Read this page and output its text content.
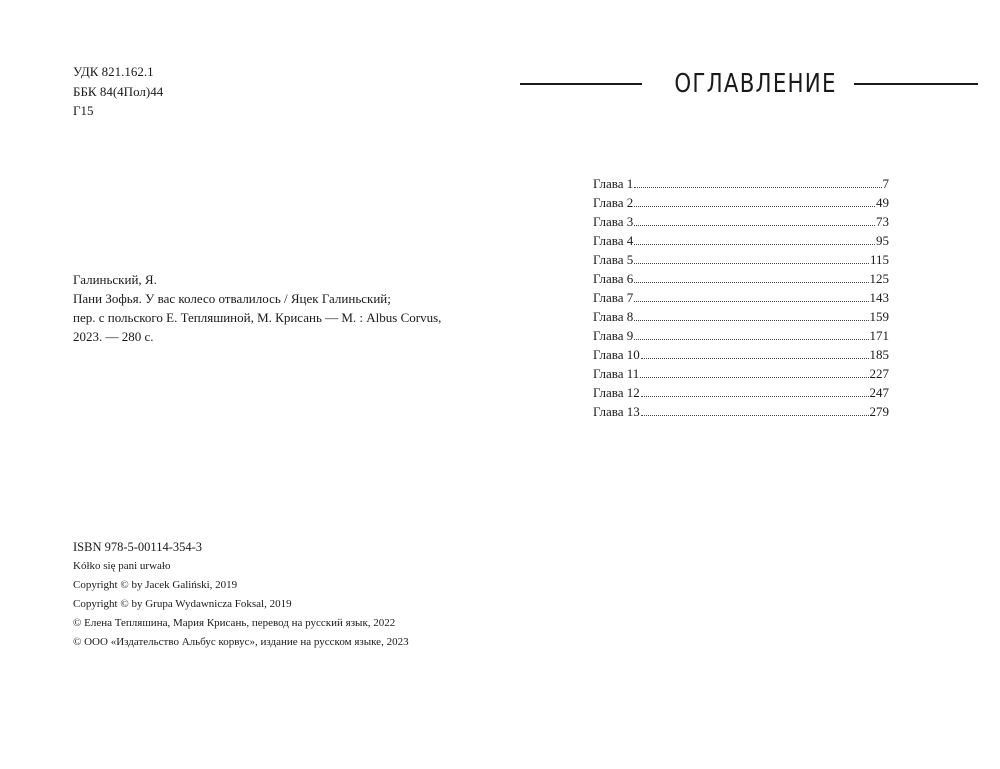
УДК 821.162.1
ББК 84(4Пол)44
Г15
Галиньский, Я.
Пани Зофья. У вас колесо отвалилось / Яцек Галиньский;
пер. с польского Е. Тепляшиной, М. Крисань — М. : Albus Corvus,
2023. — 280 с.
ISBN 978-5-00114-354-3
Kółko się pani urwało
Copyright © by Jacek Galiński, 2019
Copyright © by Grupa Wydawnicza Foksal, 2019
© Елена Тепляшина, Мария Крисань, перевод на русский язык, 2022
© ООО «Издательство Альбус корвус», издание на русском языке, 2023
ОГЛАВЛЕНИЕ
Глава 1	7
Глава 2	49
Глава 3	73
Глава 4	95
Глава 5	115
Глава 6	125
Глава 7	143
Глава 8	159
Глава 9	171
Глава 10	185
Глава 11	227
Глава 12	247
Глава 13	279
